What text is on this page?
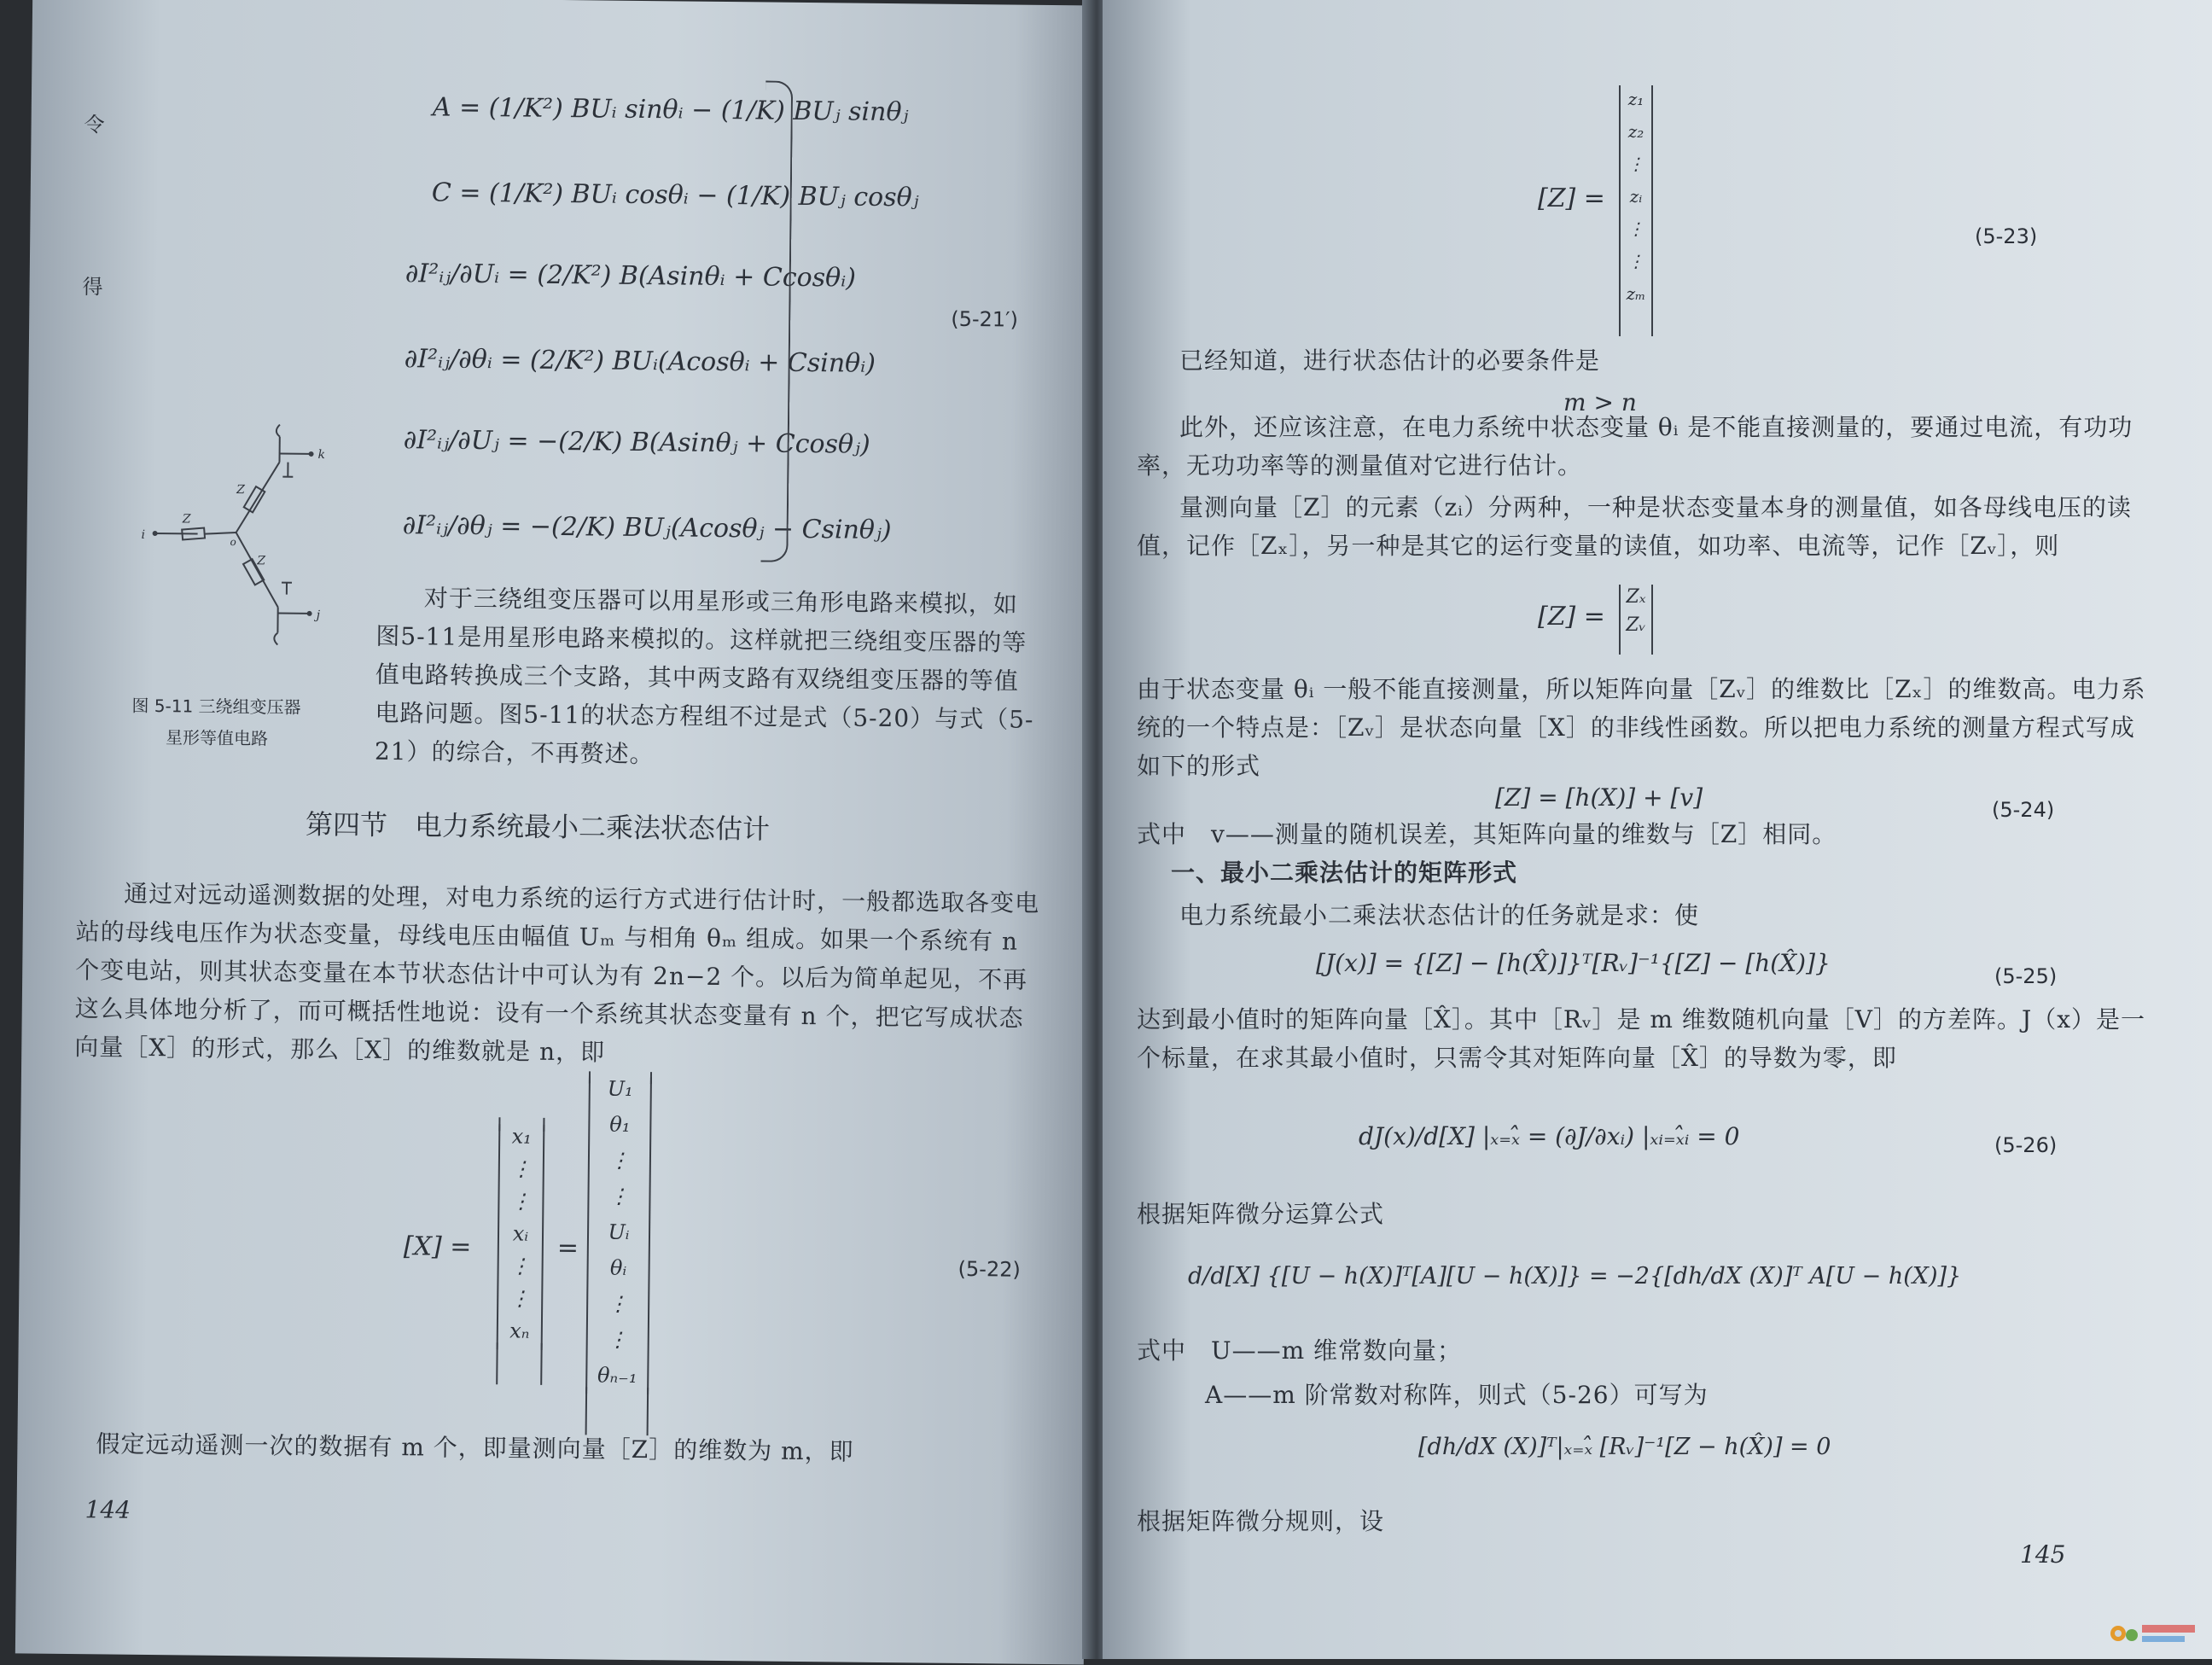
令
得
A = (1/K²) BUᵢ sinθᵢ − (1/K) BUⱼ sinθⱼ
C = (1/K²) BUᵢ cosθᵢ − (1/K) BUⱼ cosθⱼ
∂I²ᵢⱼ/∂Uᵢ = (2/K²) B(Asinθᵢ + Ccosθᵢ)
∂I²ᵢⱼ/∂θᵢ = (2/K²) BUᵢ(Acosθᵢ + Csinθᵢ)
∂I²ᵢⱼ/∂Uⱼ = −(2/K) B(Asinθⱼ + Ccosθⱼ)
∂I²ᵢⱼ/∂θⱼ = −(2/K) BUⱼ(Acosθⱼ − Csinθⱼ)
(5-21′)
Z
Z
Z
k
i
j
o
图 5-11 三绕组变压器
星形等值电路
对于三绕组变压器可以用星形或三角形电路来模拟，如图5-11是用星形电路来模拟的。这样就把三绕组变压器的等值电路转换成三个支路，其中两支路有双绕组变压器的等值电路问题。图5-11的状态方程组不过是式（5-20）与式（5-21）的综合，不再赘述。
第四节　电力系统最小二乘法状态估计
通过对远动遥测数据的处理，对电力系统的运行方式进行估计时，一般都选取各变电站的母线电压作为状态变量，母线电压由幅值 Uₘ 与相角 θₘ 组成。如果一个系统有 n 个变电站，则其状态变量在本节状态估计中可认为有 2n−2 个。以后为简单起见，不再这么具体地分析了，而可概括性地说：设有一个系统其状态变量有 n 个，把它写成状态向量［X］的形式，那么［X］的维数就是 n，即
[X] =
x₁
⋮
⋮
xᵢ
⋮
⋮
xₙ
=
U₁
θ₁
⋮
⋮
Uᵢ
θᵢ
⋮
⋮
θₙ₋₁
(5-22)
假定远动遥测一次的数据有 m 个，即量测向量［Z］的维数为 m，即
144
[Z] =
z₁
z₂
⋮
zᵢ
⋮
⋮
zₘ
(5-23)
已经知道，进行状态估计的必要条件是
m > n
此外，还应该注意，在电力系统中状态变量 θᵢ 是不能直接测量的，要通过电流，有功功率，无功功率等的测量值对它进行估计。
量测向量［Z］的元素（zᵢ）分两种，一种是状态变量本身的测量值，如各母线电压的读值，记作［Zₓ］，另一种是其它的运行变量的读值，如功率、电流等，记作［Zᵥ］，则
[Z] =
Zₓ
Zᵥ
由于状态变量 θᵢ 一般不能直接测量，所以矩阵向量［Zᵥ］的维数比［Zₓ］的维数高。电力系统的一个特点是：［Zᵥ］是状态向量［X］的非线性函数。所以把电力系统的测量方程式写成如下的形式
[Z] = [h(X)] + [v]	(5-24)
式中　v——测量的随机误差，其矩阵向量的维数与［Z］相同。
一、最小二乘法估计的矩阵形式
电力系统最小二乘法状态估计的任务就是求：使
[J(x)] = {[Z] − [h(X̂)]}ᵀ[Rᵥ]⁻¹{[Z] − [h(X̂)]}	(5-25)
达到最小值时的矩阵向量［X̂］。其中［Rᵥ］是 m 维数随机向量［V］的方差阵。J（x）是一个标量，在求其最小值时，只需令其对矩阵向量［X̂］的导数为零，即
dJ(x)/d[X] |ₓ₌ₓ̂ = (∂J/∂xᵢ) |ₓᵢ₌ₓ̂ᵢ = 0	(5-26)
根据矩阵微分运算公式
d/d[X] {[U − h(X)]ᵀ[A][U − h(X)]} = −2{[dh/dX (X)]ᵀ A[U − h(X)]}
式中　U——m 维常数向量；
A——m 阶常数对称阵，则式（5-26）可写为
[dh/dX (X)]ᵀ|ₓ₌ₓ̂ [Rᵥ]⁻¹[Z − h(X̂)] = 0
根据矩阵微分规则，设
145
